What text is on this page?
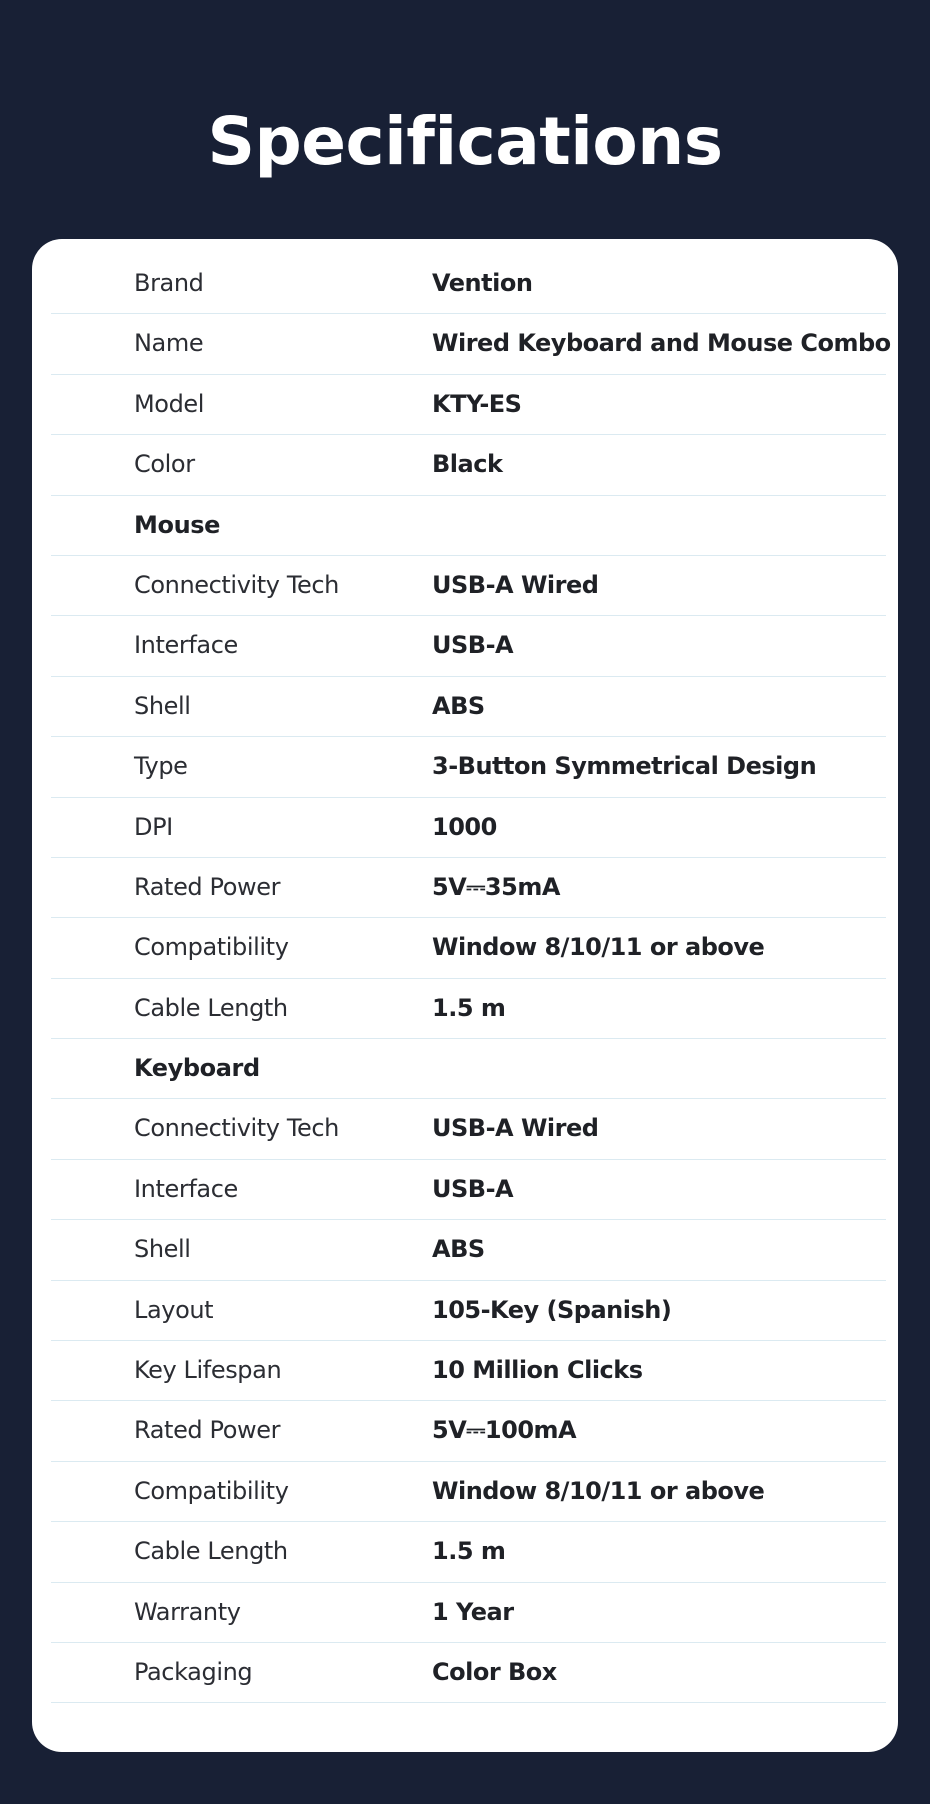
Specifications
Brand	Vention
Name	Wired Keyboard and Mouse Combo
Model	KTY-ES
Color	Black
Mouse
Connectivity Tech	USB-A Wired
Interface	USB-A
Shell	ABS
Type	3-Button Symmetrical Design
DPI	1000
Rated Power	5V⎓35mA
Compatibility	Window 8/10/11 or above
Cable Length	1.5 m
Keyboard
Connectivity Tech	USB-A Wired
Interface	USB-A
Shell	ABS
Layout	105-Key (Spanish)
Key Lifespan	10 Million Clicks
Rated Power	5V⎓100mA
Compatibility	Window 8/10/11 or above
Cable Length	1.5 m
Warranty	1 Year
Packaging	Color Box
